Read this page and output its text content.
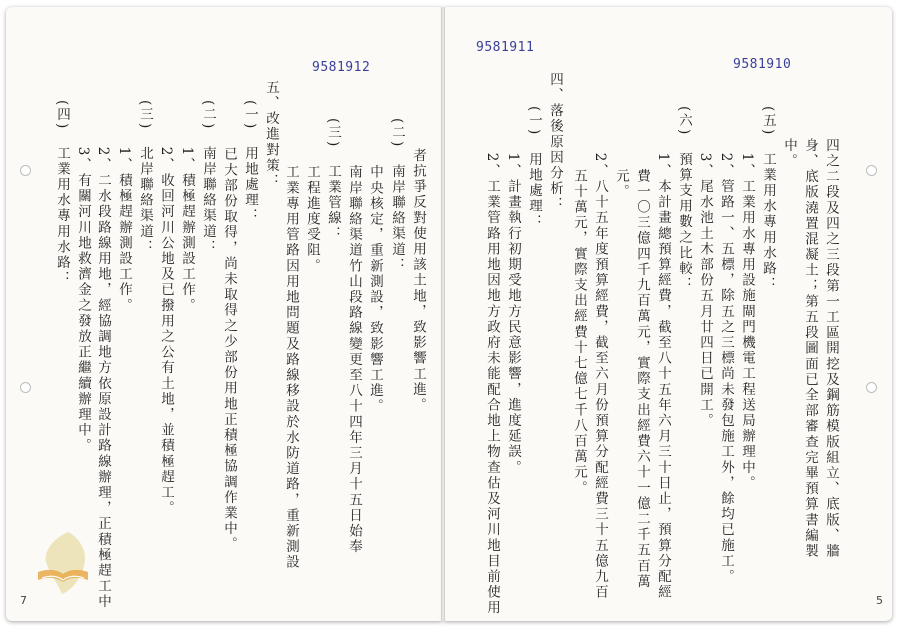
9581912
9581911
9581910
者抗爭反對使用該土地，致影響工進。
(二)　南岸聯絡渠道：
　　　中央核定，重新測設，致影響工進。
　　　南岸聯絡渠道竹山段路線變更至八十四年三月十五日始奉
(三)　工業管線：
　　　工程進度受阻。
　　　工業專用管路因用地問題及路線移設於水防道路，重新測設
五、改進對策：
(一)　用地處理：
　　　已大部份取得，尚未取得之少部份用地正積極協調作業中。
(二)　南岸聯絡渠道：
　　　1、積極趕辦測設工作。
　　　2、收回河川公地及已撥用之公有土地，並積極趕工。
(三)　北岸聯絡渠道：
　　　1、積極趕辦測設工作。
　　　2、二水段路線用地，經協調地方依原設計路線辦理，正積極趕工中
　　　3、有關河川地救濟金之發放正繼續辦理中。
(四)　工業用水專用水路：	四之二段及四之三段第一工區開挖及鋼筋模版組立、底版、牆
身、底版澆置混凝土；第五段圖面已全部審查完畢預算書編製
中。
(五)　工業用水專用水路：
　　　1、工業用水專用設施閘門機電工程送局辦理中。
　　　2、管路一、五標，除五之三標尚未發包施工外，餘均已施工。
　　　3、尾水池土木部份五月廿四日已開工。
(六)　預算支用數之比較：
　　　1、本計畫總預算經費，截至八十五年六月三十日止，預算分配經
　　　　費一〇三億四千九百萬元，實際支出經費六十一億二千五百萬
　　　　元。
　　　2、八十五年度預算經費，截至六月份預算分配經費三十五億九百
　　　　五十萬元，實際支出經費十七億七千八百萬元。
四、落後原因分析：
(一)　用地處理：
　　　1、計畫執行初期受地方民意影響，進度延誤。
　　　2、工業管路用地因地方政府未能配合地上物查估及河川地目前使用
7	5
